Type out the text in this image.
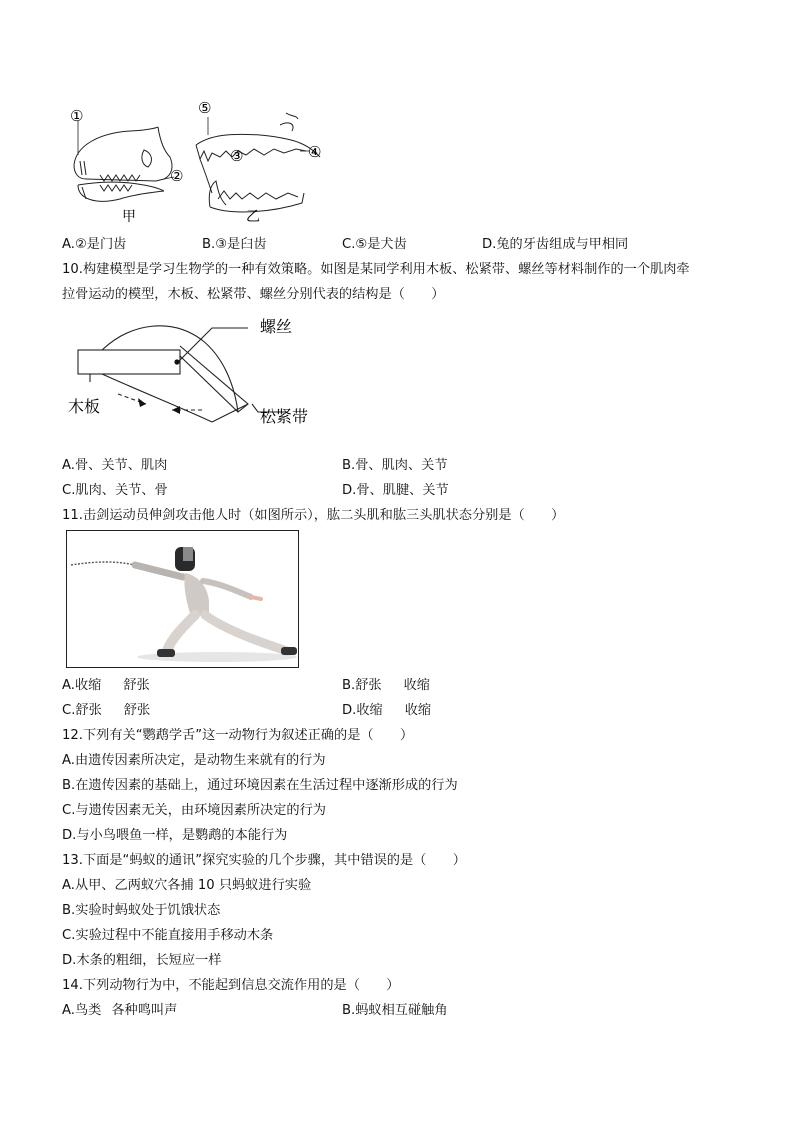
①
②
③	④
⑤
甲	乙
A.②是门齿	B.③是臼齿	C.⑤是犬齿	D.兔的牙齿组成与甲相同
10.构建模型是学习生物学的一种有效策略。如图是某同学利用木板、松紧带、螺丝等材料制作的一个肌肉牵
拉骨运动的模型，木板、松紧带、螺丝分别代表的结构是（　　）
螺丝
木板
松紧带
A.骨、关节、肌肉	B.骨、肌肉、关节
C.肌肉、关节、骨	D.骨、肌腱、关节
11.击剑运动员伸剑攻击他人时（如图所示），肱二头肌和肱三头肌状态分别是（　　）
A.收缩 舒张	B.舒张 收缩
C.舒张 舒张	D.收缩 收缩
12.下列有关“鹦鹉学舌”这一动物行为叙述正确的是（　　）
A.由遗传因素所决定，是动物生来就有的行为
B.在遗传因素的基础上，通过环境因素在生活过程中逐渐形成的行为
C.与遗传因素无关，由环境因素所决定的行为
D.与小鸟喂鱼一样，是鹦鹉的本能行为
13.下面是“蚂蚁的通讯”探究实验的几个步骤，其中错误的是（　　）
A.从甲、乙两蚁穴各捕 10 只蚂蚁进行实验
B.实验时蚂蚁处于饥饿状态
C.实验过程中不能直接用手移动木条
D.木条的粗细，长短应一样
14.下列动物行为中，不能起到信息交流作用的是（　　）
A.鸟类 各种鸣叫声	B.蚂蚁相互碰触角
